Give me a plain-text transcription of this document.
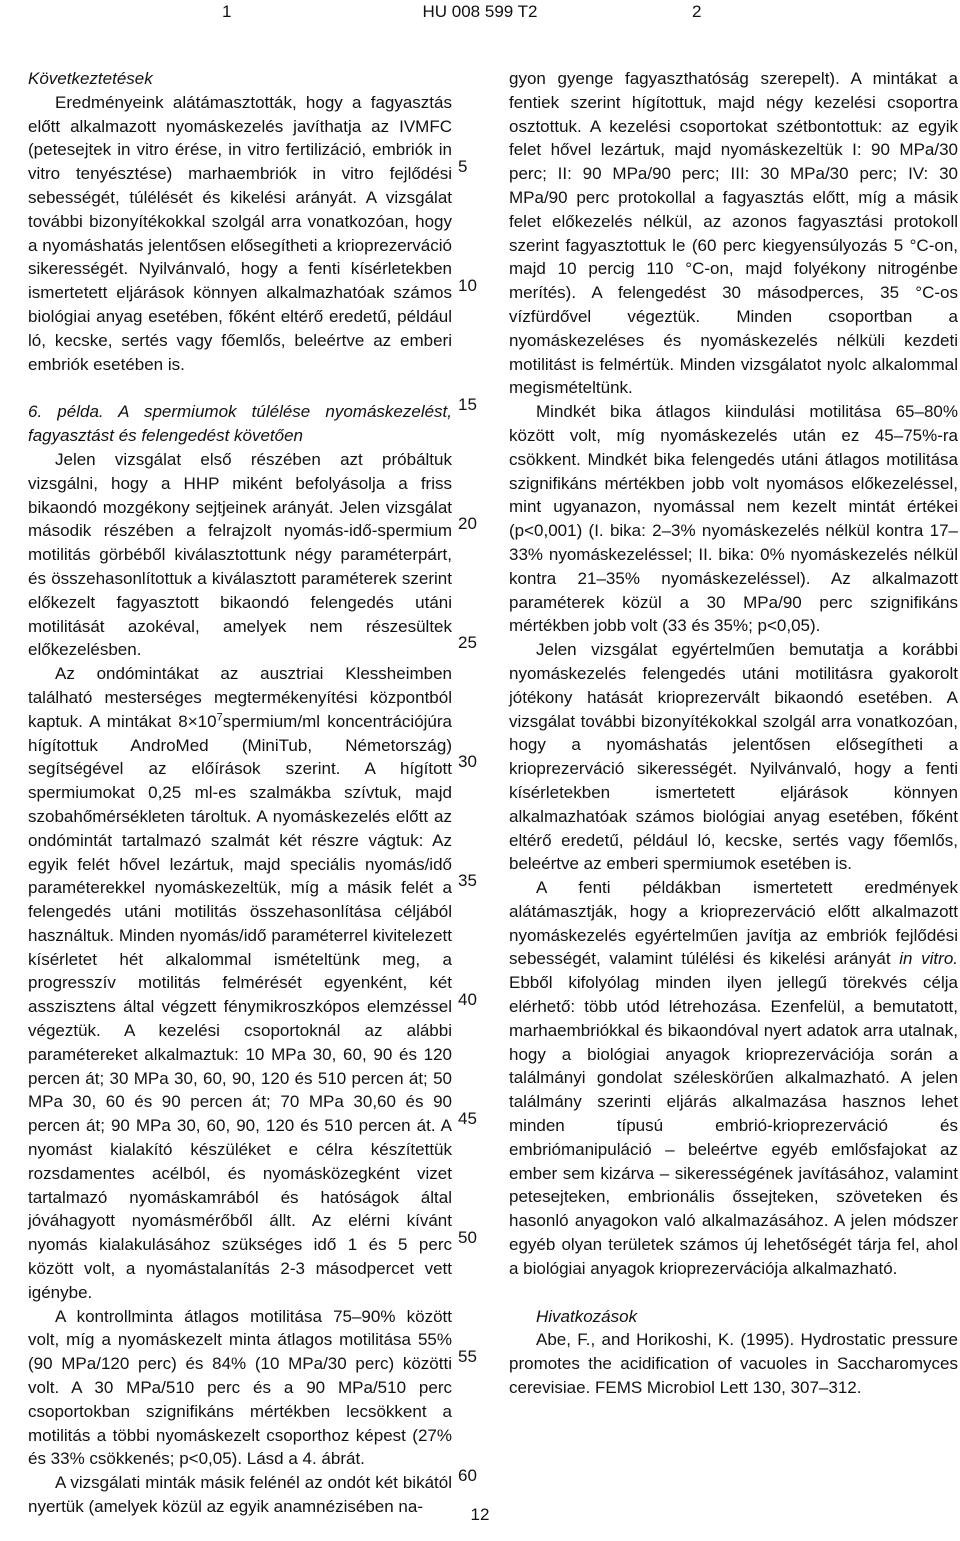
1	HU 008 599 T2	2

Következtetések

Eredményeink alátámasztották, hogy a fagyasztás előtt alkalmazott nyomáskezelés javíthatja az IVMFC (petesejtek in vitro érése, in vitro fertilizáció, embriók in vitro tenyésztése) marhaembriók in vitro fejlődési sebességét, túlélését és kikelési arányát. A vizsgálat további bizonyítékokkal szolgál arra vonatkozóan, hogy a nyomáshatás jelentősen elősegítheti a krioprezerváció sikerességét. Nyilvánvaló, hogy a fenti kísérletekben ismertetett eljárások könnyen alkalmazhatóak számos biológiai anyag esetében, főként eltérő eredetű, például ló, kecske, sertés vagy főemlős, beleértve az emberi embriók esetében is.

6. példa. A spermiumok túlélése nyomáskezelést, fagyasztást és felengedést követően

Jelen vizsgálat első részében azt próbáltuk vizsgálni, hogy a HHP miként befolyásolja a friss bikaondó mozgékony sejtjeinek arányát. Jelen vizsgálat második részében a felrajzolt nyomás-idő-spermium motilitás görbéből kiválasztottunk négy paraméterpárt, és összehasonlítottuk a kiválasztott paraméterek szerint előkezelt fagyasztott bikaondó felengedés utáni motilitását azokéval, amelyek nem részesültek előkezelésben.

Az ondómintákat az ausztriai Klessheimben található mesterséges megtermékenyítési központból kaptuk. A mintákat $8\times 10^7spermium/ml$ koncentrációjúra hígítottuk AndroMed (MiniTub, Németország) segítségével az előírások szerint. A hígított spermiumokat 0,25 ml-es szalmákba szívtuk, majd szobahőmérsékleten tároltuk. A nyomáskezelés előtt az ondómintát tartalmazó szalmát két részre vágtuk: Az egyik felét hővel lezártuk, majd speciális nyomás/idő paraméterekkel nyomáskezeltük, míg a másik felét a felengedés utáni motilitás összehasonlítása céljából használtuk. Minden nyomás/idő paraméterrel kivitelezett kísérletet hét alkalommal ismételtünk meg, a progresszív motilitás felmérését egyenként, két asszisztens által végzett fénymikroszkópos elemzéssel végeztük. A kezelési csoportoknál az alábbi paramétereket alkalmaztuk: 10 MPa 30, 60, 90 és 120 percen át; 30 MPa 30, 60, 90, 120 és 510 percen át; 50 MPa 30, 60 és 90 percen át; 70 MPa 30,60 és 90 percen át; 90 MPa 30, 60, 90, 120 és 510 percen át. A nyomást kialakító készüléket e célra készítettük rozsdamentes acélból, és nyomásközegként vizet tartalmazó nyomáskamrából és hatóságok által jóváhagyott nyomásmérőből állt. Az elérni kívánt nyomás kialakulásához szükséges idő 1 és 5 perc között volt, a nyomástalanítás 2-3 másodpercet vett igénybe.

A kontrollminta átlagos motilitása 75–90% között volt, míg a nyomáskezelt minta átlagos motilitása 55% (90 MPa/120 perc) és 84% (10 MPa/30 perc) közötti volt. A 30 MPa/510 perc és a 90 MPa/510 perc csoportokban szignifikáns mértékben lecsökkent a motilitás a többi nyomáskezelt csoporthoz képest (27% és 33% csökkenés; p<0,05). Lásd a 4. ábrát.

A vizsgálati minták másik felénél az ondót két bikától nyertük (amelyek közül az egyik anamnézisében na-

5
10
15
20
25
30
35
40
45
50
55
60

gyon gyenge fagyaszthatóság szerepelt). A mintákat a fentiek szerint hígítottuk, majd négy kezelési csoportra osztottuk. A kezelési csoportokat szétbontottuk: az egyik felet hővel lezártuk, majd nyomáskezeltük I: 90 MPa/30 perc; II: 90 MPa/90 perc; III: 30 MPa/30 perc; IV: 30 MPa/90 perc protokollal a fagyasztás előtt, míg a másik felet előkezelés nélkül, az azonos fagyasztási protokoll szerint fagyasztottuk le (60 perc kiegyensúlyozás 5 °C-on, majd 10 percig 110 °C-on, majd folyékony nitrogénbe merítés). A felengedést 30 másodperces, 35 °C-os vízfürdővel végeztük. Minden csoportban a nyomáskezeléses és nyomáskezelés nélküli kezdeti motilitást is felmértük. Minden vizsgálatot nyolc alkalommal megismételtünk.

Mindkét bika átlagos kiindulási motilitása 65–80% között volt, míg nyomáskezelés után ez 45–75%-ra csökkent. Mindkét bika felengedés utáni átlagos motilitása szignifikáns mértékben jobb volt nyomásos előkezeléssel, mint ugyanazon, nyomással nem kezelt mintát értékei (p<0,001) (I. bika: 2–3% nyomáskezelés nélkül kontra 17–33% nyomáskezeléssel; II. bika: 0% nyomáskezelés nélkül kontra 21–35% nyomáskezeléssel). Az alkalmazott paraméterek közül a 30 MPa/90 perc szignifikáns mértékben jobb volt (33 és 35%; p<0,05).

Jelen vizsgálat egyértelműen bemutatja a korábbi nyomáskezelés felengedés utáni motilitásra gyakorolt jótékony hatását krioprezervált bikaondó esetében. A vizsgálat további bizonyítékokkal szolgál arra vonatkozóan, hogy a nyomáshatás jelentősen elősegítheti a krioprezerváció sikerességét. Nyilvánvaló, hogy a fenti kísérletekben ismertetett eljárások könnyen alkalmazhatóak számos biológiai anyag esetében, főként eltérő eredetű, például ló, kecske, sertés vagy főemlős, beleértve az emberi spermiumok esetében is.

A fenti példákban ismertetett eredmények alátámasztják, hogy a krioprezerváció előtt alkalmazott nyomáskezelés egyértelműen javítja az embriók fejlődési sebességét, valamint túlélési és kikelési arányát in vitro. Ebből kifolyólag minden ilyen jellegű törekvés célja elérhető: több utód létrehozása. Ezenfelül, a bemutatott, marhaembriókkal és bikaondóval nyert adatok arra utalnak, hogy a biológiai anyagok krioprezervációja során a találmányi gondolat széleskörűen alkalmazható. A jelen találmány szerinti eljárás alkalmazása hasznos lehet minden típusú embrió-krioprezerváció és embriómanipuláció – beleértve egyéb emlősfajokat az ember sem kizárva – sikerességének javításához, valamint petesejteken, embrionális őssejteken, szöveteken és hasonló anyagokon való alkalmazásához. A jelen módszer egyéb olyan területek számos új lehetőségét tárja fel, ahol a biológiai anyagok krioprezervációja alkalmazható.

Hivatkozások

Abe, F., and Horikoshi, K. (1995). Hydrostatic pressure promotes the acidification of vacuoles in Saccharomyces cerevisiae. FEMS Microbiol Lett 130, 307–312.

12
